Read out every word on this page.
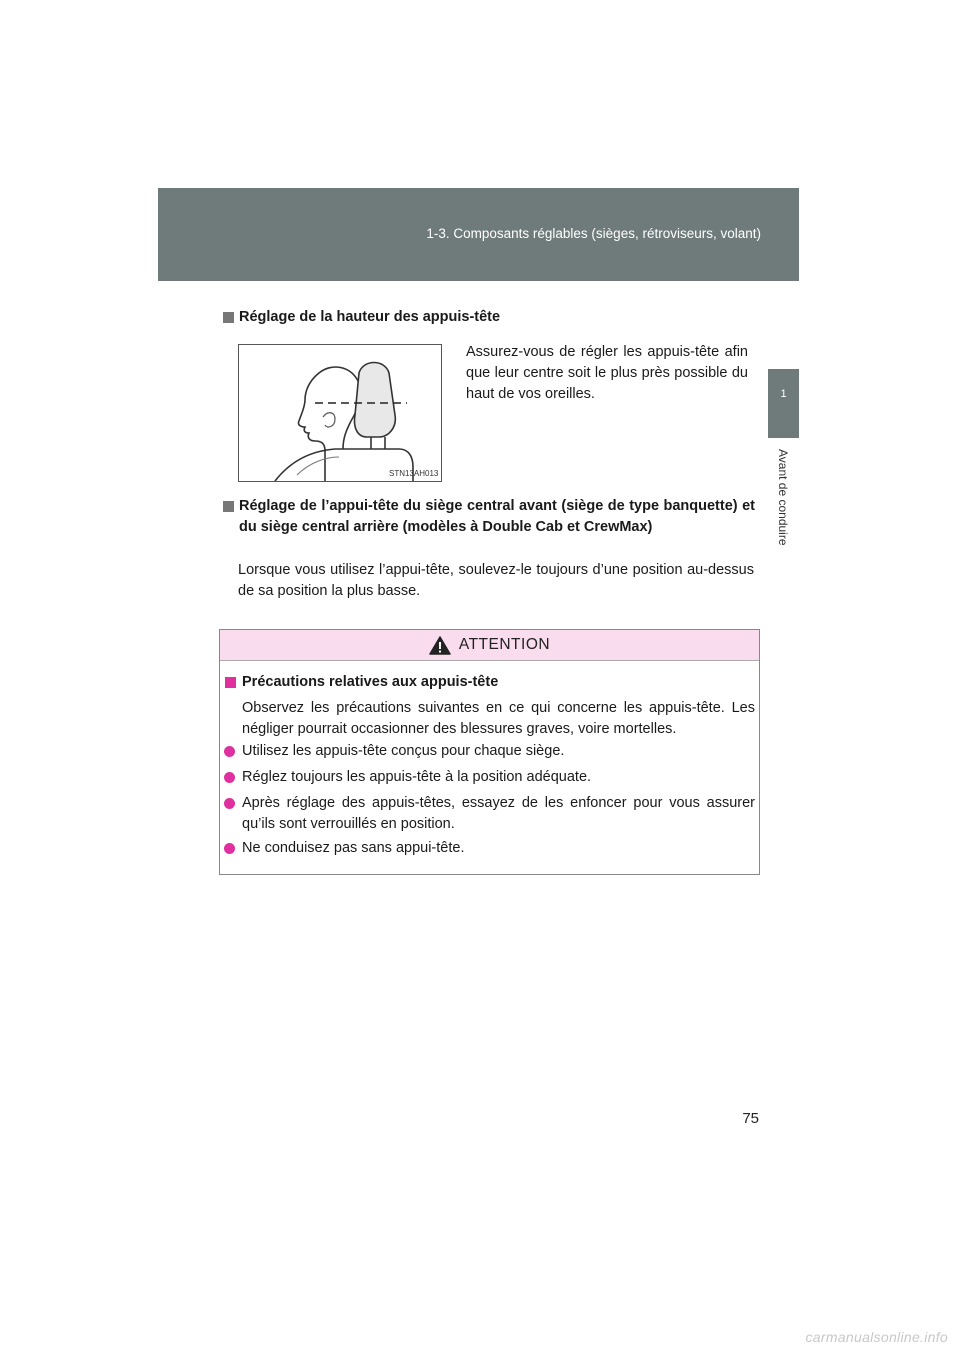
1-3. Composants réglables (sièges, rétroviseurs, volant)
1
Avant de conduire
Réglage de la hauteur des appuis-tête
STN13AH013
Assurez-vous de régler les appuis-tête afin que leur centre soit le plus près possible du haut de vos oreilles.
Réglage de l’appui-tête du siège central avant (siège de type banquette) et du siège central arrière (modèles à Double Cab et CrewMax)
Lorsque vous utilisez l’appui-tête, soulevez-le toujours d’une position au-dessus de sa position la plus basse.
ATTENTION
Précautions relatives aux appuis-tête
Observez les précautions suivantes en ce qui concerne les appuis-tête. Les négliger pourrait occasionner des blessures graves, voire mortelles.
Utilisez les appuis-tête conçus pour chaque siège.
Réglez toujours les appuis-tête à la position adéquate.
Après réglage des appuis-têtes, essayez de les enfoncer pour vous assurer qu’ils sont verrouillés en position.
Ne conduisez pas sans appui-tête.
75
carmanualsonline.info
